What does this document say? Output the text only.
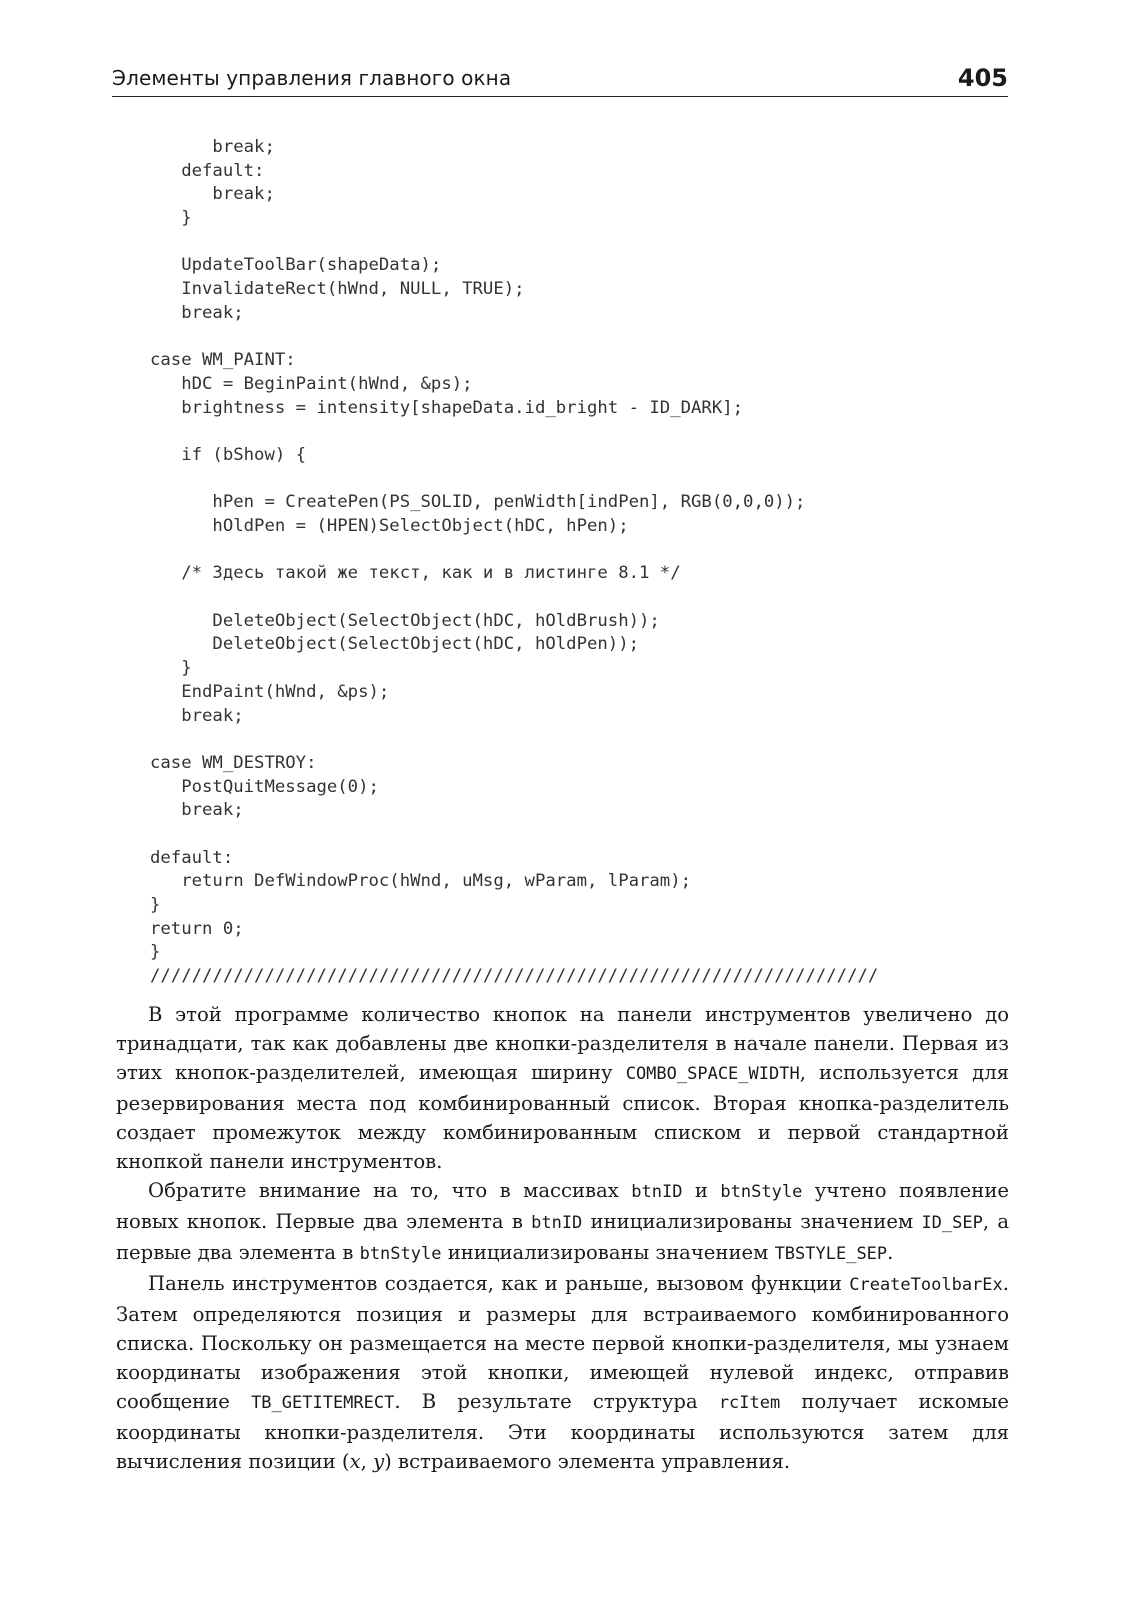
Элементы управления главного окна	405
break;
default:
break;
}
UpdateToolBar(shapeData);
InvalidateRect(hWnd, NULL, TRUE);
break;
case WM_PAINT:
hDC = BeginPaint(hWnd, &ps);
brightness = intensity[shapeData.id_bright - ID_DARK];
if (bShow) {
hPen = CreatePen(PS_SOLID, penWidth[indPen], RGB(0,0,0));
hOldPen = (HPEN)SelectObject(hDC, hPen);
/* Здесь такой же текст, как и в листинге 8.1 */
DeleteObject(SelectObject(hDC, hOldBrush));
DeleteObject(SelectObject(hDC, hOldPen));
}
EndPaint(hWnd, &ps);
break;
case WM_DESTROY:
PostQuitMessage(0);
break;
default:
return DefWindowProc(hWnd, uMsg, wParam, lParam);
}
return 0;
}
//////////////////////////////////////////////////////////////////////

В этой программе количество кнопок на панели инструментов увеличено до тринадцати, так как добавлены две кнопки-разделителя в начале панели. Первая из этих кнопок-разделителей, имеющая ширину COMBO_SPACE_WIDTH, используется для резервирования места под комбинированный список. Вторая кнопка-разделитель создает промежуток между комбинированным списком и первой стандартной кнопкой панели инструментов.

Обратите внимание на то, что в массивах btnID и btnStyle учтено появление новых кнопок. Первые два элемента в btnID инициализированы значением ID_SEP, а первые два элемента в btnStyle инициализированы значением TBSTYLE_SEP.

Панель инструментов создается, как и раньше, вызовом функции CreateToolbarEx. Затем определяются позиция и размеры для встраиваемого комбинированного списка. Поскольку он размещается на месте первой кнопки-разделителя, мы узнаем координаты изображения этой кнопки, имеющей нулевой индекс, отправив сообщение TB_GETITEMRECT. В результате структура rcItem получает искомые координаты кнопки-разделителя. Эти координаты используются затем для вычисления позиции (x, y) встраиваемого элемента управления.
